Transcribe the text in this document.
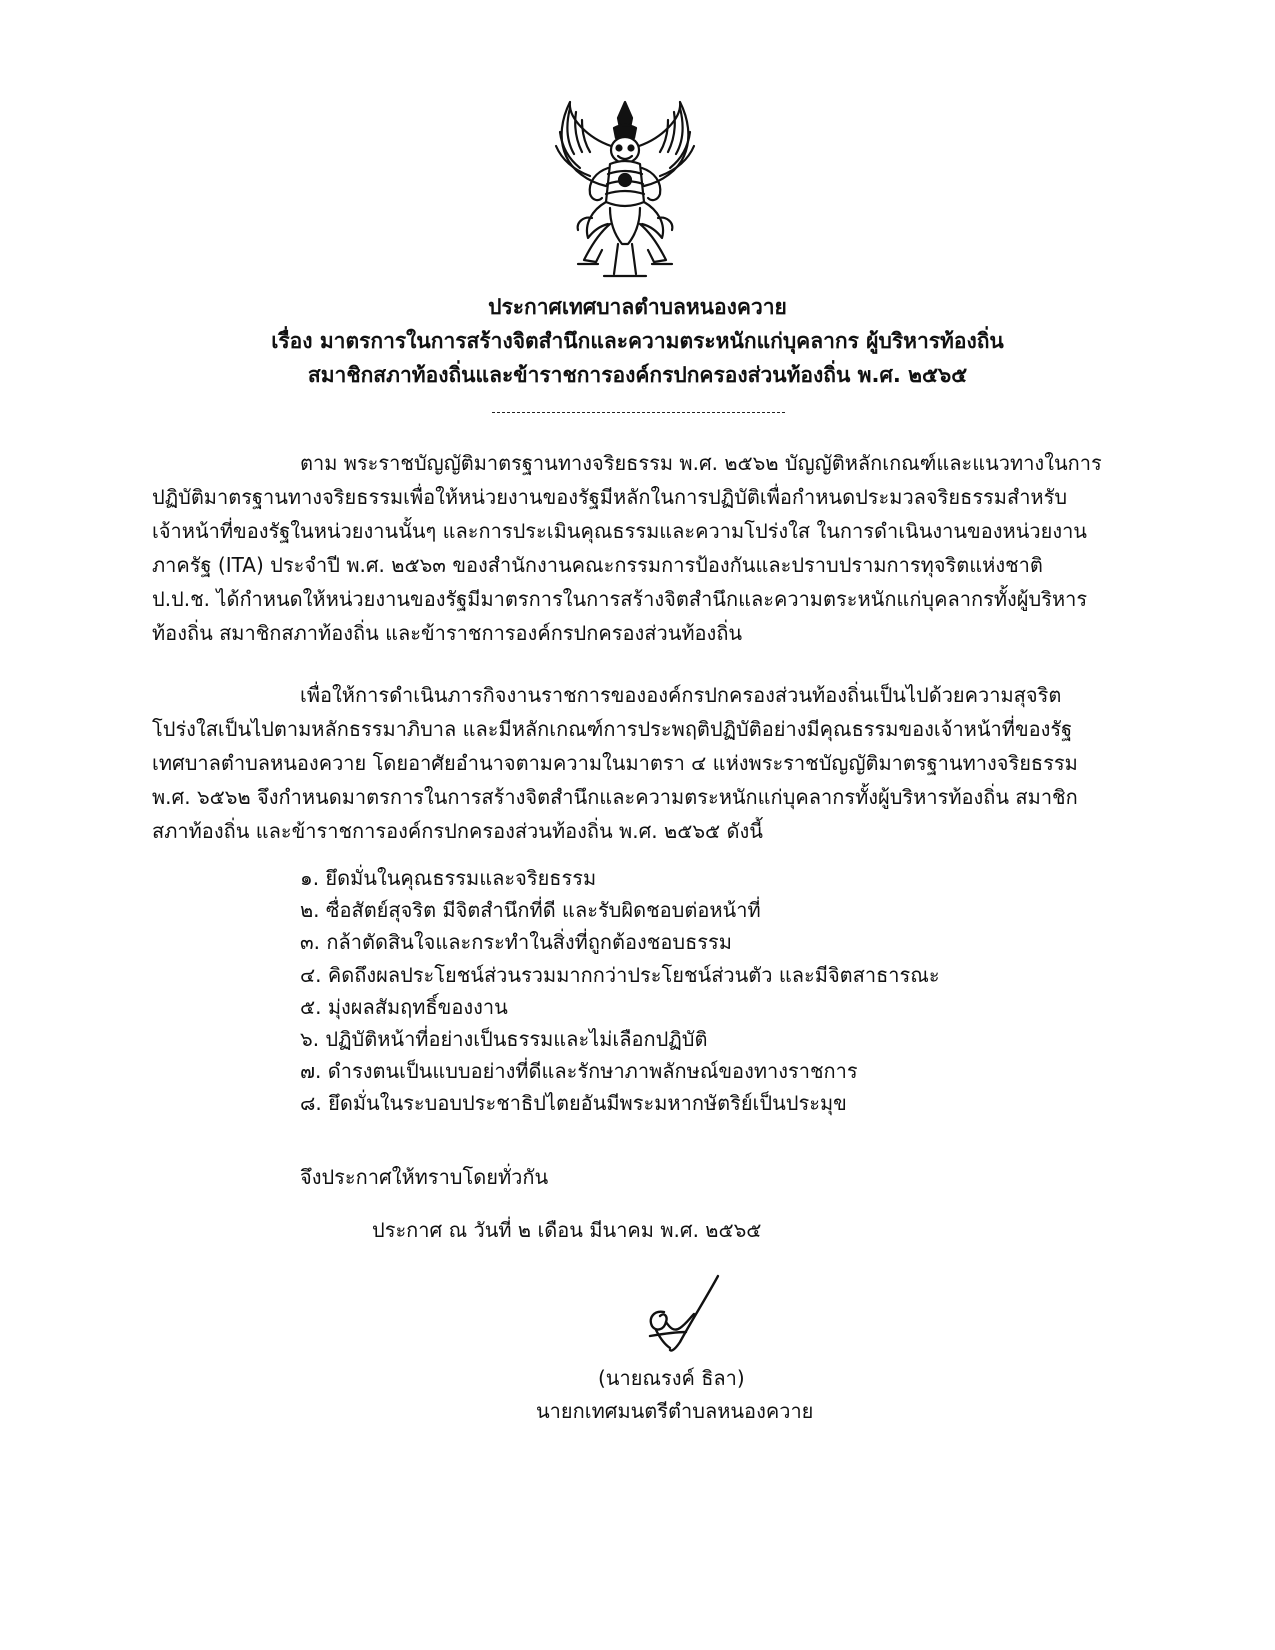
ประกาศเทศบาลตำบลหนองควาย
เรื่อง มาตรการในการสร้างจิตสำนึกและความตระหนักแก่บุคลากร ผู้บริหารท้องถิ่น
สมาชิกสภาท้องถิ่นและข้าราชการองค์กรปกครองส่วนท้องถิ่น พ.ศ. ๒๕๖๕
ตาม พระราชบัญญัติมาตรฐานทางจริยธรรม พ.ศ. ๒๕๖๒ บัญญัติหลักเกณฑ์และแนวทางในการ
ปฏิบัติมาตรฐานทางจริยธรรมเพื่อให้หน่วยงานของรัฐมีหลักในการปฏิบัติเพื่อกำหนดประมวลจริยธรรมสำหรับ
เจ้าหน้าที่ของรัฐในหน่วยงานนั้นๆ และการประเมินคุณธรรมและความโปร่งใส ในการดำเนินงานของหน่วยงาน
ภาครัฐ (ITA) ประจำปี พ.ศ. ๒๕๖๓ ของสำนักงานคณะกรรมการป้องกันและปราบปรามการทุจริตแห่งชาติ
ป.ป.ช. ได้กำหนดให้หน่วยงานของรัฐมีมาตรการในการสร้างจิตสำนึกและความตระหนักแก่บุคลากรทั้งผู้บริหาร
ท้องถิ่น สมาชิกสภาท้องถิ่น และข้าราชการองค์กรปกครองส่วนท้องถิ่น
เพื่อให้การดำเนินภารกิจงานราชการขององค์กรปกครองส่วนท้องถิ่นเป็นไปด้วยความสุจริต
โปร่งใสเป็นไปตามหลักธรรมาภิบาล และมีหลักเกณฑ์การประพฤติปฏิบัติอย่างมีคุณธรรมของเจ้าหน้าที่ของรัฐ
เทศบาลตำบลหนองควาย โดยอาศัยอำนาจตามความในมาตรา ๔ แห่งพระราชบัญญัติมาตรฐานทางจริยธรรม
พ.ศ. ๖๕๖๒ จึงกำหนดมาตรการในการสร้างจิตสำนึกและความตระหนักแก่บุคลากรทั้งผู้บริหารท้องถิ่น สมาชิก
สภาท้องถิ่น และข้าราชการองค์กรปกครองส่วนท้องถิ่น พ.ศ. ๒๕๖๕ ดังนี้
๑. ยึดมั่นในคุณธรรมและจริยธรรม
๒. ซื่อสัตย์สุจริต มีจิตสำนึกที่ดี และรับผิดชอบต่อหน้าที่
๓. กล้าตัดสินใจและกระทำในสิ่งที่ถูกต้องชอบธรรม
๔. คิดถึงผลประโยชน์ส่วนรวมมากกว่าประโยชน์ส่วนตัว และมีจิตสาธารณะ
๕. มุ่งผลสัมฤทธิ์ของงาน
๖. ปฏิบัติหน้าที่อย่างเป็นธรรมและไม่เลือกปฏิบัติ
๗. ดำรงตนเป็นแบบอย่างที่ดีและรักษาภาพลักษณ์ของทางราชการ
๘. ยึดมั่นในระบอบประชาธิปไตยอันมีพระมหากษัตริย์เป็นประมุข
จึงประกาศให้ทราบโดยทั่วกัน
ประกาศ ณ วันที่ ๒ เดือน มีนาคม พ.ศ. ๒๕๖๕
(นายณรงค์ ธิลา)
นายกเทศมนตรีตำบลหนองควาย
